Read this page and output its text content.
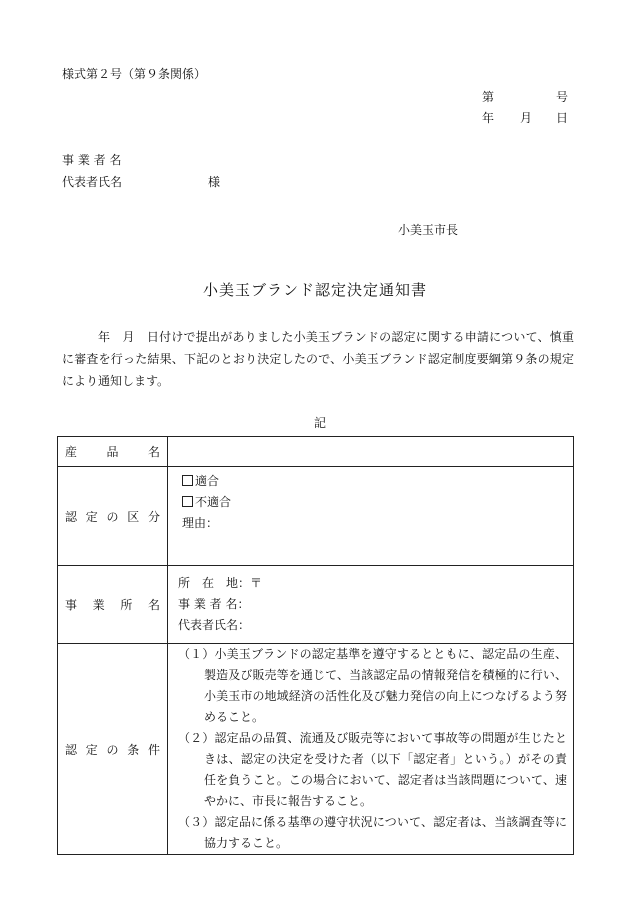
様式第２号（第９条関係）
第	号
年 月 日
事 業 者 名
代表者氏名	様
小美玉市長
小美玉ブランド認定決定通知書
年　月　日付けで提出がありました小美玉ブランドの認定に関する申請について、慎重に審査を行った結果、下記のとおり決定したので、小美玉ブランド認定制度要綱第９条の規定により通知します。
記
産　品　名	
認定の区分	適合
不適合
理由：

事業所名	所　在　地：〒
事 業 者 名：
代表者氏名：

認定の条件	（１）小美玉ブランドの認定基準を遵守するとともに、認定品の生産、製造及び販売等を通じて、当該認定品の情報発信を積極的に行い、小美玉市の地域経済の活性化及び魅力発信の向上につなげるよう努めること。
（２）認定品の品質、流通及び販売等において事故等の問題が生じたときは、認定の決定を受けた者（以下「認定者」という。）がその責任を負うこと。この場合において、認定者は当該問題について、速やかに、市長に報告すること。
（３）認定品に係る基準の遵守状況について、認定者は、当該調査等に協力すること。
